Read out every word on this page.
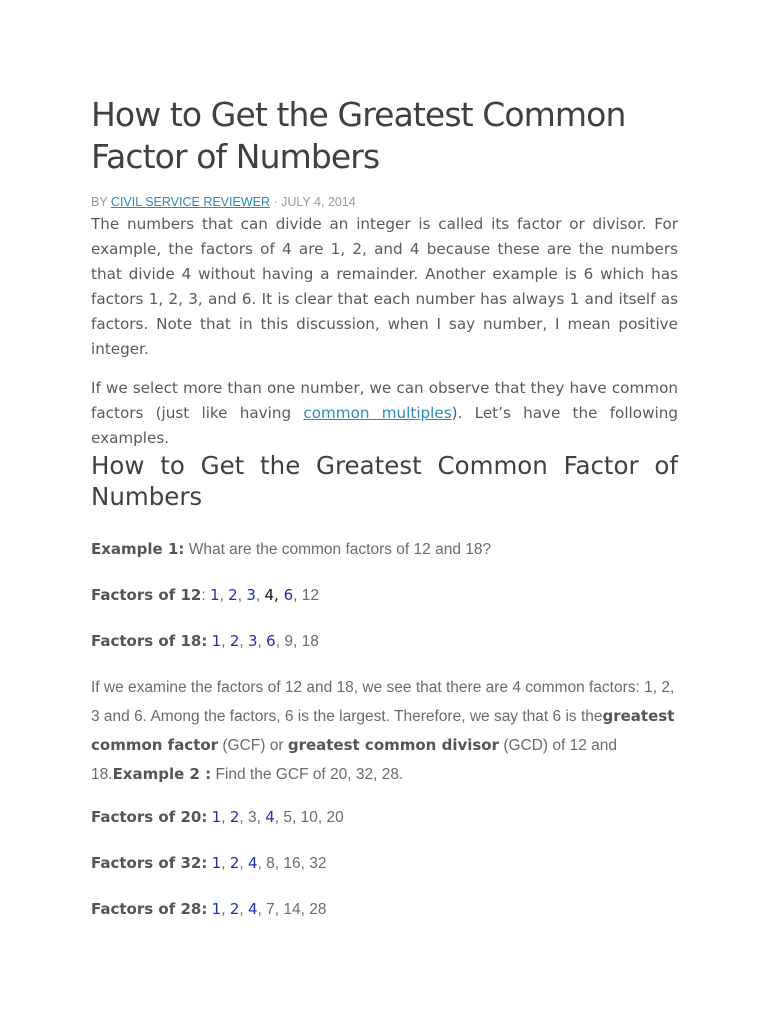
How to Get the Greatest Common Factor of Numbers
BY CIVIL SERVICE REVIEWER · JULY 4, 2014

The numbers that can divide an integer is called its factor or divisor. For example, the factors of 4 are 1, 2, and 4 because these are the numbers that divide 4 without having a remainder. Another example is 6 which has factors 1, 2, 3, and 6. It is clear that each number has always 1 and itself as factors. Note that in this discussion, when I say number, I mean positive integer.

If we select more than one number, we can observe that they have common factors (just like having common multiples). Let’s have the following examples.

How to Get the Greatest Common Factor of Numbers
Example 1: What are the common factors of 12 and 18?
Factors of 12: 1, 2, 3, 4, 6, 12
Factors of 18: 1, 2, 3, 6, 9, 18

If we examine the factors of 12 and 18, we see that there are 4 common factors: 1, 2, 3 and 6. Among the factors, 6 is the largest. Therefore, we say that 6 is thegreatest common factor (GCF) or greatest common divisor (GCD) of 12 and 18.Example 2 : Find the GCF of 20, 32, 28.

Factors of 20: 1, 2, 3, 4, 5, 10, 20
Factors of 32: 1, 2, 4, 8, 16, 32
Factors of 28: 1, 2, 4, 7, 14, 28
